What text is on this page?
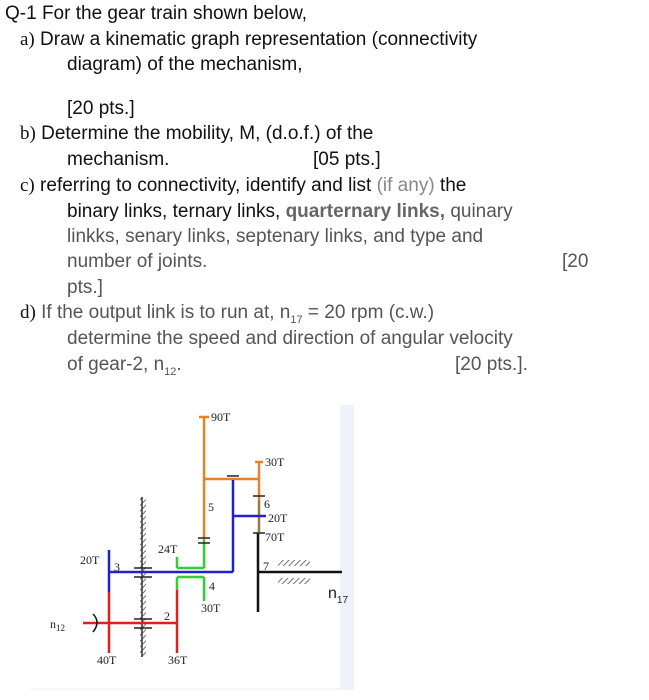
Q-1 For the gear train shown below,
a) Draw a kinematic graph representation (connectivity
diagram) of the mechanism,
[20 pts.]
b) Determine the mobility, M, (d.o.f.) of the
mechanism.	[05 pts.]
c) referring to connectivity, identify and list (if any) the
binary links, ternary links, quarternary links, quinary
linkks, senary links, septenary links, and type and
number of joints.	[20
pts.]
d) If the output link is to run at, $n_{17} = 20$ rpm (c.w.)
determine the speed and direction of angular velocity
of gear-2, $n_{12}$.	[20 pts.].
90T
30T
6
20T
70T
5
24T
20T 3	7
4
30T
2
40T	36T
$n_{12}$
$n_{17}$
